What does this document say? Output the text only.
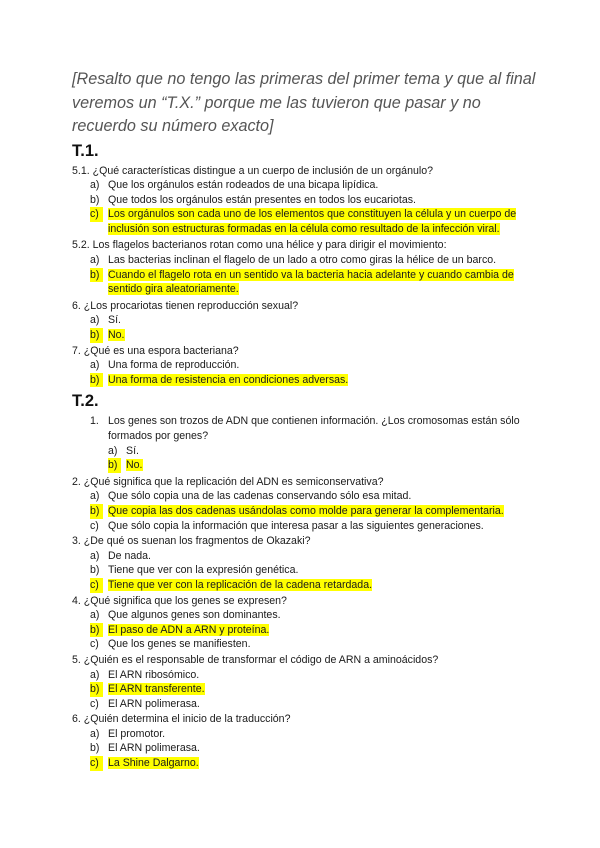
[Resalto que no tengo las primeras del primer tema y que al final veremos un “T.X.” porque me las tuvieron que pasar y no recuerdo su número exacto]

T.1.

5.1. ¿Qué características distingue a un cuerpo de inclusión de un orgánulo?

a) Que los orgánulos están rodeados de una bicapa lipídica.
b) Que todos los orgánulos están presentes en todos los eucariotas.
c) Los orgánulos son cada uno de los elementos que constituyen la célula y un cuerpo de inclusión son estructuras formadas en la célula como resultado de la infección viral.

5.2. Los flagelos bacterianos rotan como una hélice y para dirigir el movimiento:

a) Las bacterias inclinan el flagelo de un lado a otro como giras la hélice de un barco.
b) Cuando el flagelo rota en un sentido va la bacteria hacia adelante y cuando cambia de sentido gira aleatoriamente.

6. ¿Los procariotas tienen reproducción sexual?

a) Sí.
b) No.

7. ¿Qué es una espora bacteriana?

a) Una forma de reproducción.
b) Una forma de resistencia en condiciones adversas.
T.2.

1. Los genes son trozos de ADN que contienen información. ¿Los cromosomas están sólo formados por genes?

a) Sí.
b) No.

2. ¿Qué significa que la replicación del ADN es semiconservativa?

a) Que sólo copia una de las cadenas conservando sólo esa mitad.
b) Que copia las dos cadenas usándolas como molde para generar la complementaria.
c) Que sólo copia la información que interesa pasar a las siguientes generaciones.

3. ¿De qué os suenan los fragmentos de Okazaki?

a) De nada.
b) Tiene que ver con la expresión genética.
c) Tiene que ver con la replicación de la cadena retardada.

4. ¿Qué significa que los genes se expresen?

a) Que algunos genes son dominantes.
b) El paso de ADN a ARN y proteína.
c) Que los genes se manifiesten.

5. ¿Quién es el responsable de transformar el código de ARN a aminoácidos?

a) El ARN ribosómico.
b) El ARN transferente.
c) El ARN polimerasa.

6. ¿Quién determina el inicio de la traducción?

a) El promotor.
b) El ARN polimerasa.
c) La Shine Dalgarno.
